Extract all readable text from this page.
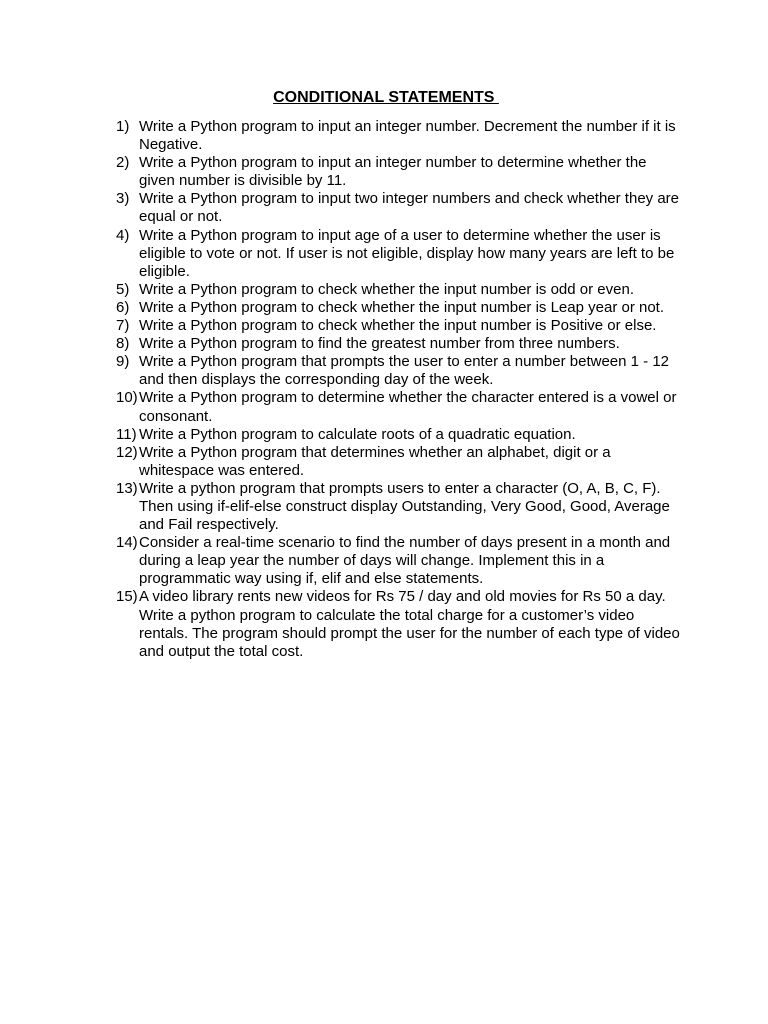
CONDITIONAL STATEMENTS
1) Write a Python program to input an integer number. Decrement the number if it is Negative.
2) Write a Python program to input an integer number to determine whether the given number is divisible by 11.
3) Write a Python program to input two integer numbers and check whether they are equal or not.
4) Write a Python program to input age of a user to determine whether the user is eligible to vote or not. If user is not eligible, display how many years are left to be eligible.
5) Write a Python program to check whether the input number is odd or even.
6) Write a Python program to check whether the input number is Leap year or not.
7) Write a Python program to check whether the input number is Positive or else.
8) Write a Python program to find the greatest number from three numbers.
9) Write a Python program that prompts the user to enter a number between 1 - 12 and then displays the corresponding day of the week.
10) Write a Python program to determine whether the character entered is a vowel or consonant.
11) Write a Python program to calculate roots of a quadratic equation.
12) Write a Python program that determines whether an alphabet, digit or a whitespace was entered.
13) Write a python program that prompts users to enter a character (O, A, B, C, F). Then using if-elif-else construct display Outstanding, Very Good, Good, Average and Fail respectively.
14) Consider a real-time scenario to find the number of days present in a month and during a leap year the number of days will change. Implement this in a programmatic way using if, elif and else statements.
15) A video library rents new videos for Rs 75 / day and old movies for Rs 50 a day. Write a python program to calculate the total charge for a customer’s video rentals. The program should prompt the user for the number of each type of video and output the total cost.
